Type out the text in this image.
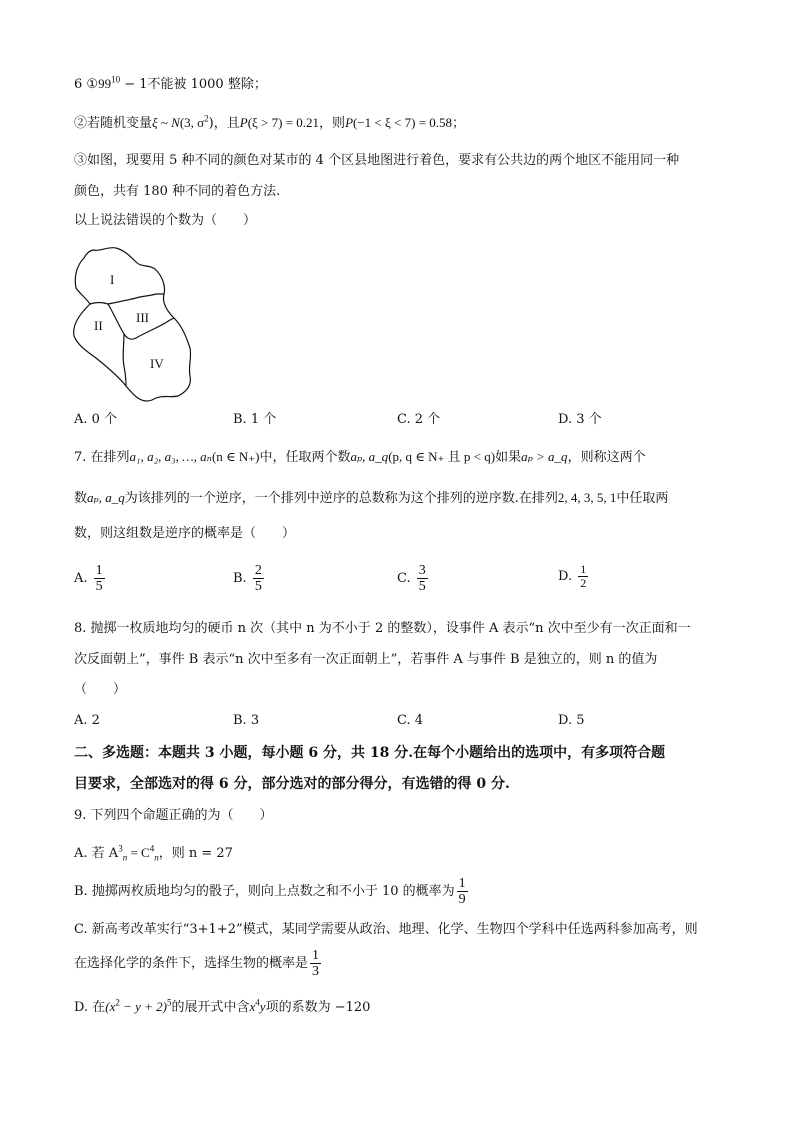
6 $①99^{10} - 1$不能被 1000 整除；
②若随机变量ξ ~ N(3, $\sigma^2$)，且P(ξ > 7) = 0.21，则P(−1 < ξ < 7) = 0.58；
③如图，现要用 5 种不同的颜色对某市的 4 个区县地图进行着色，要求有公共边的两个地区不能用同一种
颜色，共有 180 种不同的着色方法.
以上说法错误的个数为（　　）
I
II
III
IV
A. 0 个	B. 1 个	C. 2 个	D. 3 个
7. 在排列a₁, a₂, a₃, …, aₙ(n ∈ N₊)中，任取两个数aₚ, a_q(p, q ∈ N₊ 且 p < q)如果aₚ > a_q，则称这两个
数aₚ, a_q为该排列的一个逆序，一个排列中逆序的总数称为这个排列的逆序数.在排列2, 4, 3, 5, 1中任取两
数，则这组数是逆序的概率是（　　）
A. $\frac{1}{5}$	B. $\frac{2}{5}$	C. $\frac{3}{5}$	D. $\frac{1}{2}$
8. 抛掷一枚质地均匀的硬币 n 次（其中 n 为不小于 2 的整数），设事件 A 表示“n 次中至少有一次正面和一
次反面朝上”，事件 B 表示“n 次中至多有一次正面朝上”，若事件 A 与事件 B 是独立的，则 n 的值为
（　　）
A. 2	B. 3	C. 4	D. 5
二、多选题：本题共 3 小题，每小题 6 分，共 18 分.在每个小题给出的选项中，有多项符合题
目要求，全部选对的得 6 分，部分选对的部分得分，有选错的得 0 分.
9. 下列四个命题正确的为（　　）
A. 若 $A^3_n = C^4_n$，则 n = 27
B. 抛掷两枚质地均匀的骰子，则向上点数之和不小于 10 的概率为 $\frac{1}{9}$
C. 新高考改革实行“3+1+2”模式，某同学需要从政治、地理、化学、生物四个学科中任选两科参加高考，则
在选择化学的条件下，选择生物的概率是 $\frac{1}{3}$
D. 在$(x^2 - y + 2)^5$的展开式中含$x^4y$项的系数为 −120
